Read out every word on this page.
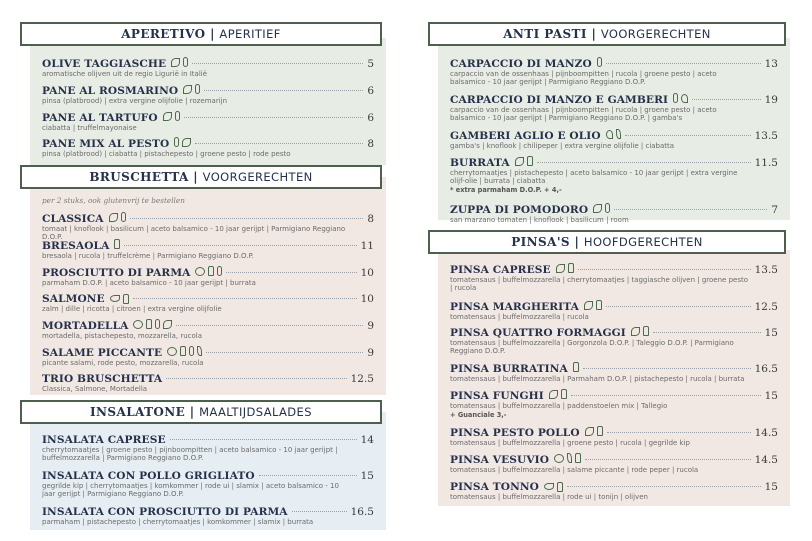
APERETIVO | APERITIEF
OLIVE TAGGIASCHE	5
aromatische olijven uit de regio Liguriё in Italiё
PANE AL ROSMARINO	6
pinsa (platbrood) | extra vergine olijfolie | rozemarijn
PANE AL TARTUFO	6
ciabatta | truffelmayonaise
PANE MIX AL PESTO	8
pinsa (platbrood) | ciabatta | pistachepesto | groene pesto | rode pesto
BRUSCHETTA | VOORGERECHTEN
per 2 stuks, ook glutenvrij te bestellen
CLASSICA	8
tomaat | knoflook | basilicum | aceto balsamico - 10 jaar gerijpt | Parmigiano Reggiano D.O.P.
BRESAOLA	11
bresaola | rucola | truffelcrème | Parmigiano Reggiano D.O.P.
PROSCIUTTO DI PARMA	10
parmaham D.O.P. | aceto balsamico - 10 jaar gerijpt | burrata
SALMONE	10
zalm | dille | ricotta | citroen | extra vergine olijfolie
MORTADELLA	9
mortadella, pistachepesto, mozzarella, rucola
SALAME PICCANTE	9
picante salami, rode pesto, mozzarella, rucola
TRIO BRUSCHETTA	12.5
Classica, Salmone, Mortadella
INSALATONE | MAALTIJDSALADES
INSALATA CAPRESE	14
cherrytomaatjes | groene pesto | pijnboompitten | aceto balsamico - 10 jaar gerijpt | buffelmozzarella | Parmigiano Reggiano D.O.P.
INSALATA CON POLLO GRIGLIATO	15
gegrilde kip | cherrytomaatjes | komkommer | rode ui | slamix | aceto balsamico - 10 jaar gerijpt | Parmigiano Reggiano D.O.P.
INSALATA CON PROSCIUTTO DI PARMA	16.5
parmaham | pistachepesto | cherrytomaatjes | komkommer | slamix | burrata
ANTI PASTI | VOORGERECHTEN
CARPACCIO DI MANZO	13
carpaccio van de ossenhaas | pijnboompitten | rucola | groene pesto | aceto balsamico - 10 jaar gerijpt | Parmigiano Reggiano D.O.P.
CARPACCIO DI MANZO E GAMBERI	19
carpaccio van de ossenhaas | pijnboompitten | rucola | groene pesto | aceto balsamico - 10 jaar gerijpt | Parmigiano Reggiano D.O.P. | gamba's
GAMBERI AGLIO E OLIO	13.5
gamba's | knoflook | chilipeper | extra vergine olijfolie | ciabatta
BURRATA	11.5
cherrytomaatjes | pistachepesto | aceto balsamico - 10 jaar gerijpt | extra vergine olijf-olie | burrata | ciabatta
* extra parmaham D.O.P. + 4,-
ZUPPA DI POMODORO	7
san marzano tomaten | knoflook | basilicum | room
PINSA'S | HOOFDGERECHTEN
PINSA CAPRESE	13.5
tomatensaus | buffelmozzarella | cherrytomaatjes | taggiasche olijven | groene pesto | rucola
PINSA MARGHERITA	12.5
tomatensaus | buffelmozzarella | rucola
PINSA QUATTRO FORMAGGI	15
tomatensaus | buffelmozzarella | Gorgonzola D.O.P. | Taleggio D.O.P. | Parmigiano Reggiano D.O.P.
PINSA BURRATINA	16.5
tomatensaus | buffelmozzarella | Parmaham D.O.P. | pistachepesto | rucola | burrata
PINSA FUNGHI	15
tomatensaus | buffelmozzarella | paddenstoelen mix | Tallegio
+ Guanciale 3,-
PINSA PESTO POLLO	14.5
tomatensaus | buffelmozzarella | groene pesto | rucola | gegrilde kip
PINSA VESUVIO	14.5
tomatensaus | buffelmozzarella | salame piccante | rode peper | rucola
PINSA TONNO	15
tomatensaus | buffelmozzarella | rode ui | tonijn | olijven
